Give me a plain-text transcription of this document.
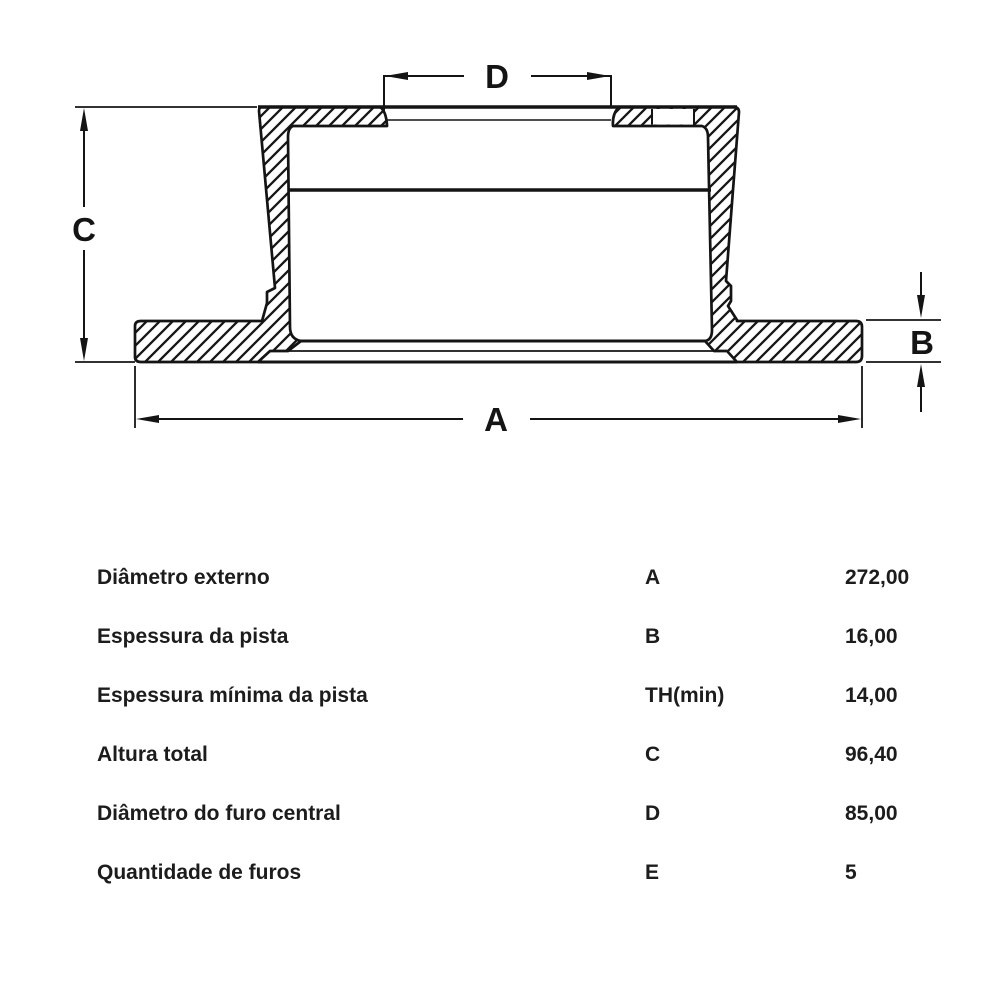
C
D
B
A
Diâmetro externo	A	272,00
Espessura da pista	B	16,00
Espessura mínima da pista	TH(min)	14,00
Altura total	C	96,40
Diâmetro do furo central	D	85,00
Quantidade de furos	E	5
